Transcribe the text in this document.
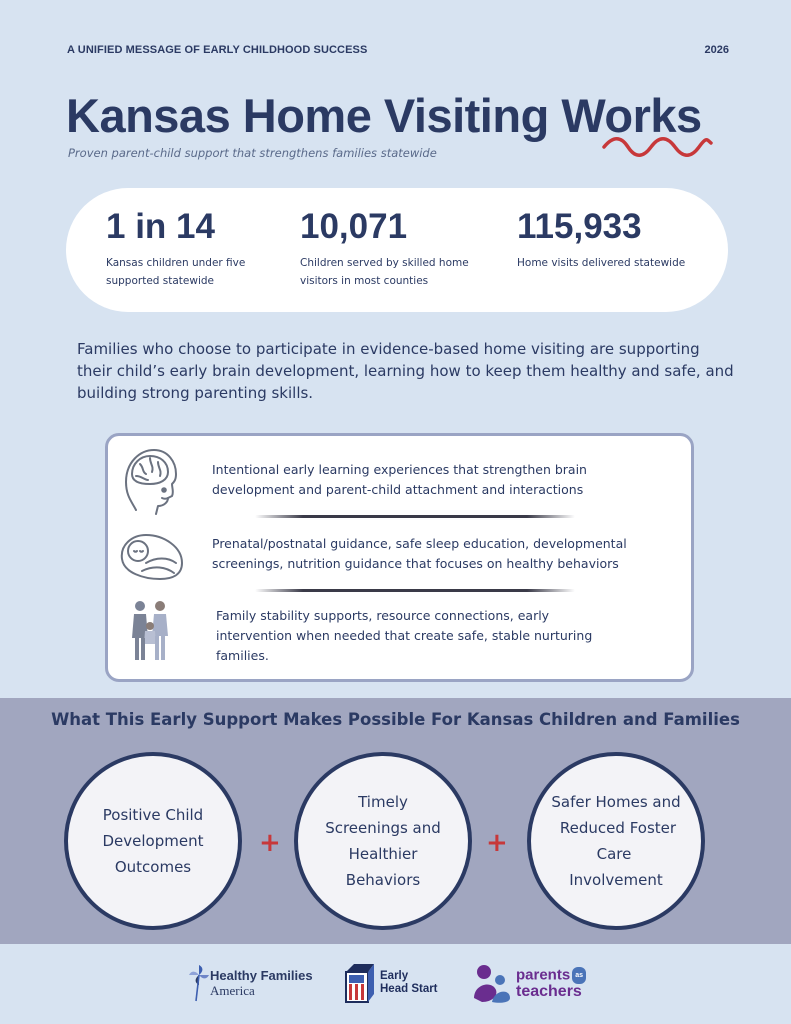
A UNIFIED MESSAGE OF EARLY CHILDHOOD SUCCESS	2026
Kansas Home Visiting Works
Proven parent-child support that strengthens families statewide
1 in 14
Kansas children under five
supported statewide
10,071
Children served by skilled home
visitors in most counties
115,933
Home visits delivered statewide

Families who choose to participate in evidence-based home visiting are supporting their child’s early brain development, learning how to keep them healthy and safe, and building strong parenting skills.

Intentional early learning experiences that strengthen brain
development and parent-child attachment and interactions
Prenatal/postnatal guidance, safe sleep education, developmental
screenings, nutrition guidance that focuses on healthy behaviors
Family stability supports, resource connections, early
intervention when needed that create safe, stable nurturing
families.
What This Early Support Makes Possible For Kansas Children and Families
Positive Child
Development
Outcomes
+
Timely
Screenings and
Healthier
Behaviors
+
Safer Homes and
Reduced Foster Care
Involvement
Healthy Families
America
Early
Head Start
parents as
teachers
